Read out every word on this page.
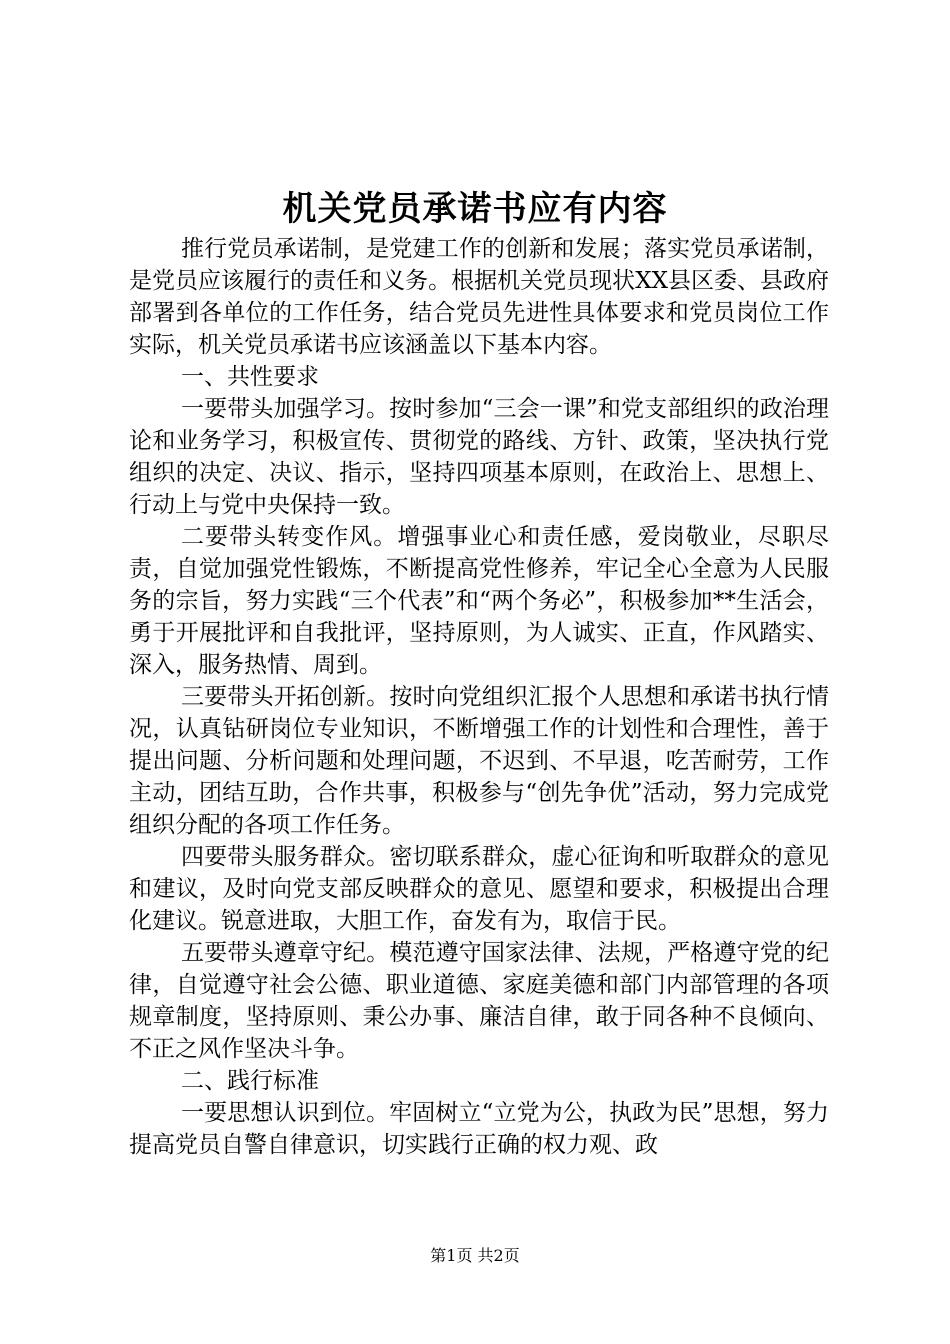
机关党员承诺书应有内容

推行党员承诺制，是党建工作的创新和发展；落实党员承诺制，是党员应该履行的责任和义务。根据机关党员现状XX县区委、县政府部署到各单位的工作任务，结合党员先进性具体要求和党员岗位工作实际，机关党员承诺书应该涵盖以下基本内容。

一、共性要求

一要带头加强学习。按时参加“三会一课”和党支部组织的政治理论和业务学习，积极宣传、贯彻党的路线、方针、政策，坚决执行党组织的决定、决议、指示，坚持四项基本原则，在政治上、思想上、行动上与党中央保持一致。

二要带头转变作风。增强事业心和责任感，爱岗敬业，尽职尽责，自觉加强党性锻炼，不断提高党性修养，牢记全心全意为人民服务的宗旨，努力实践“三个代表”和“两个务必”，积极参加**生活会，勇于开展批评和自我批评，坚持原则，为人诚实、正直，作风踏实、深入，服务热情、周到。

三要带头开拓创新。按时向党组织汇报个人思想和承诺书执行情况，认真钻研岗位专业知识，不断增强工作的计划性和合理性，善于提出问题、分析问题和处理问题，不迟到、不早退，吃苦耐劳，工作主动，团结互助，合作共事，积极参与“创先争优”活动，努力完成党组织分配的各项工作任务。

四要带头服务群众。密切联系群众，虚心征询和听取群众的意见和建议，及时向党支部反映群众的意见、愿望和要求，积极提出合理化建议。锐意进取，大胆工作，奋发有为，取信于民。

五要带头遵章守纪。模范遵守国家法律、法规，严格遵守党的纪律，自觉遵守社会公德、职业道德、家庭美德和部门内部管理的各项规章制度，坚持原则、秉公办事、廉洁自律，敢于同各种不良倾向、不正之风作坚决斗争。

二、践行标准

一要思想认识到位。牢固树立“立党为公，执政为民”思想，努力提高党员自警自律意识，切实践行正确的权力观、政

第1页 共2页
